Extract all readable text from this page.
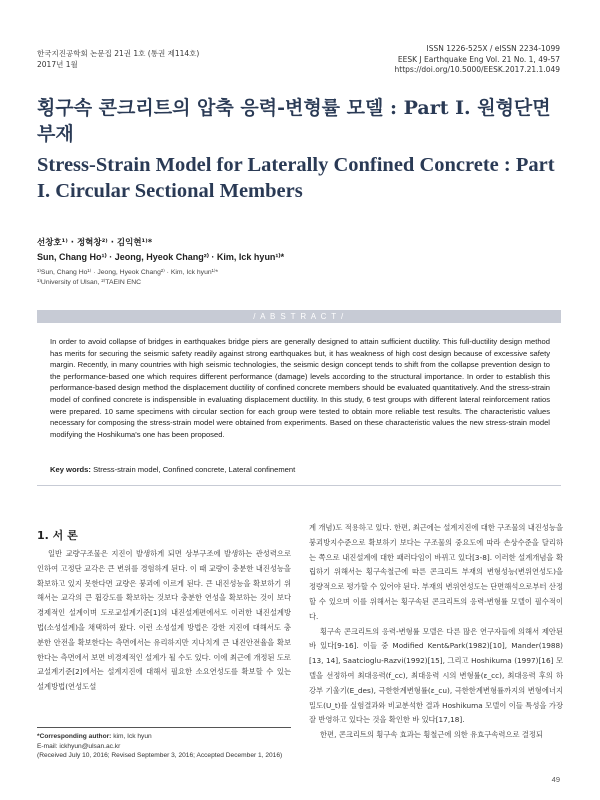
한국지진공학회 논문집 21권 1호 (통권 제114호)
2017년 1월
ISSN 1226-525X / eISSN 2234-1099
EESK J Earthquake Eng Vol. 21 No. 1, 49-57
https://doi.org/10.5000/EESK.2017.21.1.049
횡구속 콘크리트의 압축 응력-변형률 모델 : Part I. 원형단면 부재
Stress-Strain Model for Laterally Confined Concrete : Part I. Circular Sectional Members
선창호¹⁾ · 정혁창²⁾ · 김익현¹⁾*
Sun, Chang Ho¹⁾ · Jeong, Hyeok Chang²⁾ · Kim, Ick hyun¹⁾*
¹⁾Sun, Chang Ho¹⁾ · Jeong, Hyeok Chang²⁾ · Kim, Ick hyun¹⁾*
¹⁾University of Ulsan, ²⁾TAEIN ENC
/ A B S T R A C T /
In order to avoid collapse of bridges in earthquakes bridge piers are generally designed to attain sufficient ductility. This full-ductility design method has merits for securing the seismic safety readily against strong earthquakes but, it has weakness of high cost design because of excessive safety margin. Recently, in many countries with high seismic technologies, the seismic design concept tends to shift from the collapse prevention design to the performance-based one which requires different performance (damage) levels according to the structural importance. In order to establish this performance-based design method the displacement ductility of confined concrete members should be evaluated quantitatively. And the stress-strain model of confined concrete is indispensible in evaluating displacement ductility. In this study, 6 test groups with different lateral reinforcement ratios were prepared. 10 same specimens with circular section for each group were tested to obtain more reliable test results. The characteristic values necessary for composing the stress-strain model were obtained from experiments. Based on these characteristic values the new stress-strain model modifying the Hoshikuma's one has been proposed.
Key words: Stress-strain model, Confined concrete, Lateral confinement
1. 서 론

일반 교량구조물은 지진이 발생하게 되면 상부구조에 발생하는 관성력으로 인하여 고정단 교각은 큰 변위를 경험하게 된다. 이 때 교량이 충분한 내진성능을 확보하고 있지 못한다면 교량은 붕괴에 이르게 된다. 큰 내진성능을 확보하기 위해서는 교각의 큰 휨강도를 확보하는 것보다 충분한 연성을 확보하는 것이 보다 경제적인 설계이며 도로교설계기준[1]의 내진설계편에서도 이러한 내진설계방법(소성설계)을 채택하여 왔다. 이런 소성설계 방법은 강한 지진에 대해서도 충분한 안전을 확보한다는 측면에서는 유리하지만 지나치게 큰 내진안전율을 확보한다는 측면에서 보면 비경제적인 설계가 될 수도 있다. 이에 최근에 개정된 도로교설계기준[2]에서는 설계지진에 대해서 필요한 소요연성도를 확보할 수 있는 설계방법(연성도설

계 개념)도 적용하고 있다. 한편, 최근에는 설계지진에 대한 구조물의 내진성능을 붕괴방지수준으로 확보하기 보다는 구조물의 중요도에 따라 손상수준을 달리하는 쪽으로 내진설계에 대한 패러다임이 바뀌고 있다[3-8]. 이러한 설계개념을 확립하기 위해서는 횡구속철근에 따른 콘크리트 부재의 변형성능(변위연성도)을 정량적으로 평가할 수 있어야 된다. 부재의 변위연성도는 단면해석으로부터 산정할 수 있으며 이를 위해서는 횡구속된 콘크리트의 응력-변형률 모델이 필수적이다.

횡구속 콘크리트의 응력-변형률 모델은 다른 많은 연구자들에 의해서 제안된바 있다[9-16]. 이들 중 Modified Kent&Park(1982)[10], Mander(1988)[13, 14], Saatcioglu-Razvi(1992)[15], 그리고 Hoshikuma (1997)[16] 모델을 선정하여 최대응력(f_cc), 최대응력 시의 변형률(ε_cc), 최대응력 후의 하강부 기울기(E_des), 극한한계변형률(ε_cu), 극한한계변형률까지의 변형에너지밀도(U_t)를 실험결과와 비교분석한 결과 Hoshikuma 모델이 이들 특성을 가장 잘 반영하고 있다는 것을 확인한 바 있다[17,18].

한편, 콘크리트의 횡구속 효과는 횡철근에 의한 유효구속력으로 결정되

*Corresponding author: kim, Ick hyun
E-mail: ickhyun@ulsan.ac.kr
(Received July 10, 2016; Revised September 3, 2016; Accepted December 1, 2016)
49
